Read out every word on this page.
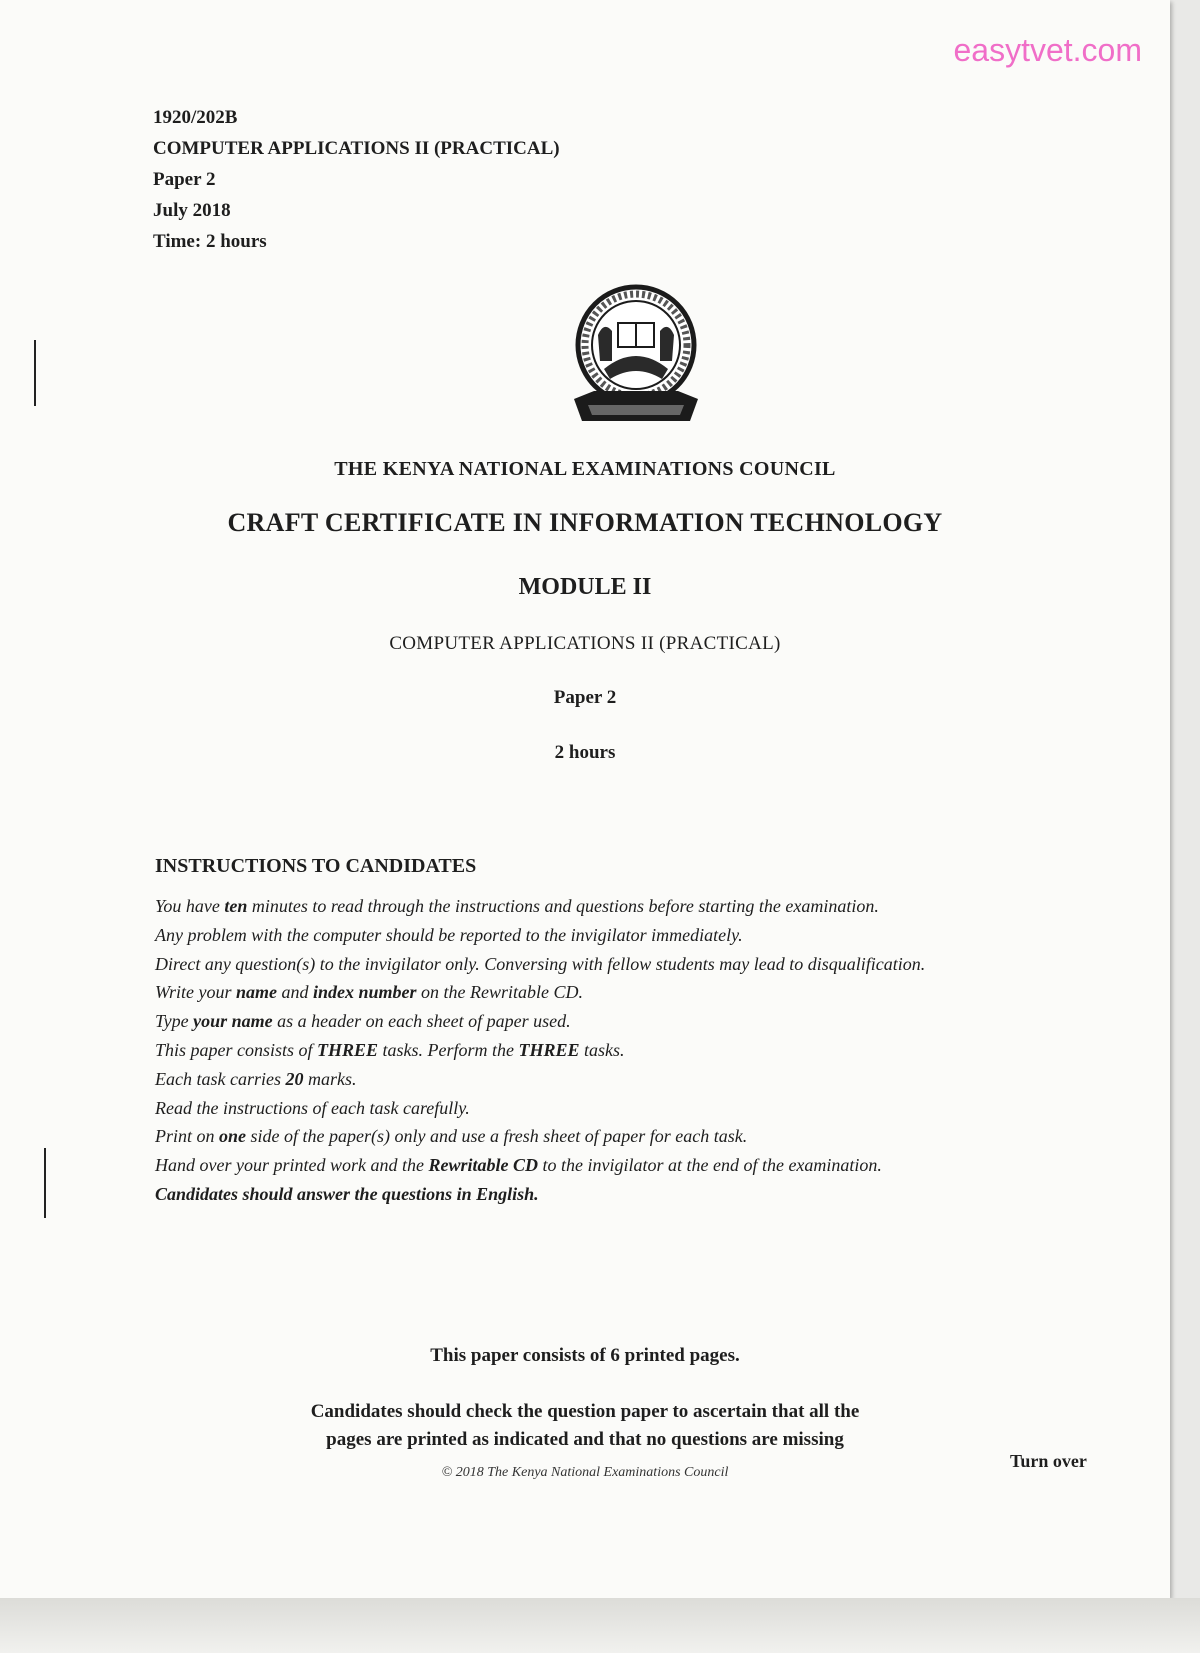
easytvet.com
1920/202B
COMPUTER APPLICATIONS II (PRACTICAL)
Paper 2
July 2018
Time: 2 hours
THE KENYA NATIONAL EXAMINATIONS COUNCIL
CRAFT CERTIFICATE IN INFORMATION TECHNOLOGY
MODULE II
COMPUTER APPLICATIONS II (PRACTICAL)
Paper 2
2 hours
INSTRUCTIONS TO CANDIDATES
You have ten minutes to read through the instructions and questions before starting the examination.
Any problem with the computer should be reported to the invigilator immediately.
Direct any question(s) to the invigilator only. Conversing with fellow students may lead to disqualification.
Write your name and index number on the Rewritable CD.
Type your name as a header on each sheet of paper used.
This paper consists of THREE tasks. Perform the THREE tasks.
Each task carries 20 marks.
Read the instructions of each task carefully.
Print on one side of the paper(s) only and use a fresh sheet of paper for each task.
Hand over your printed work and the Rewritable CD to the invigilator at the end of the examination.
Candidates should answer the questions in English.
This paper consists of 6 printed pages.
Candidates should check the question paper to ascertain that all the
pages are printed as indicated and that no questions are missing
© 2018 The Kenya National Examinations Council
Turn over
